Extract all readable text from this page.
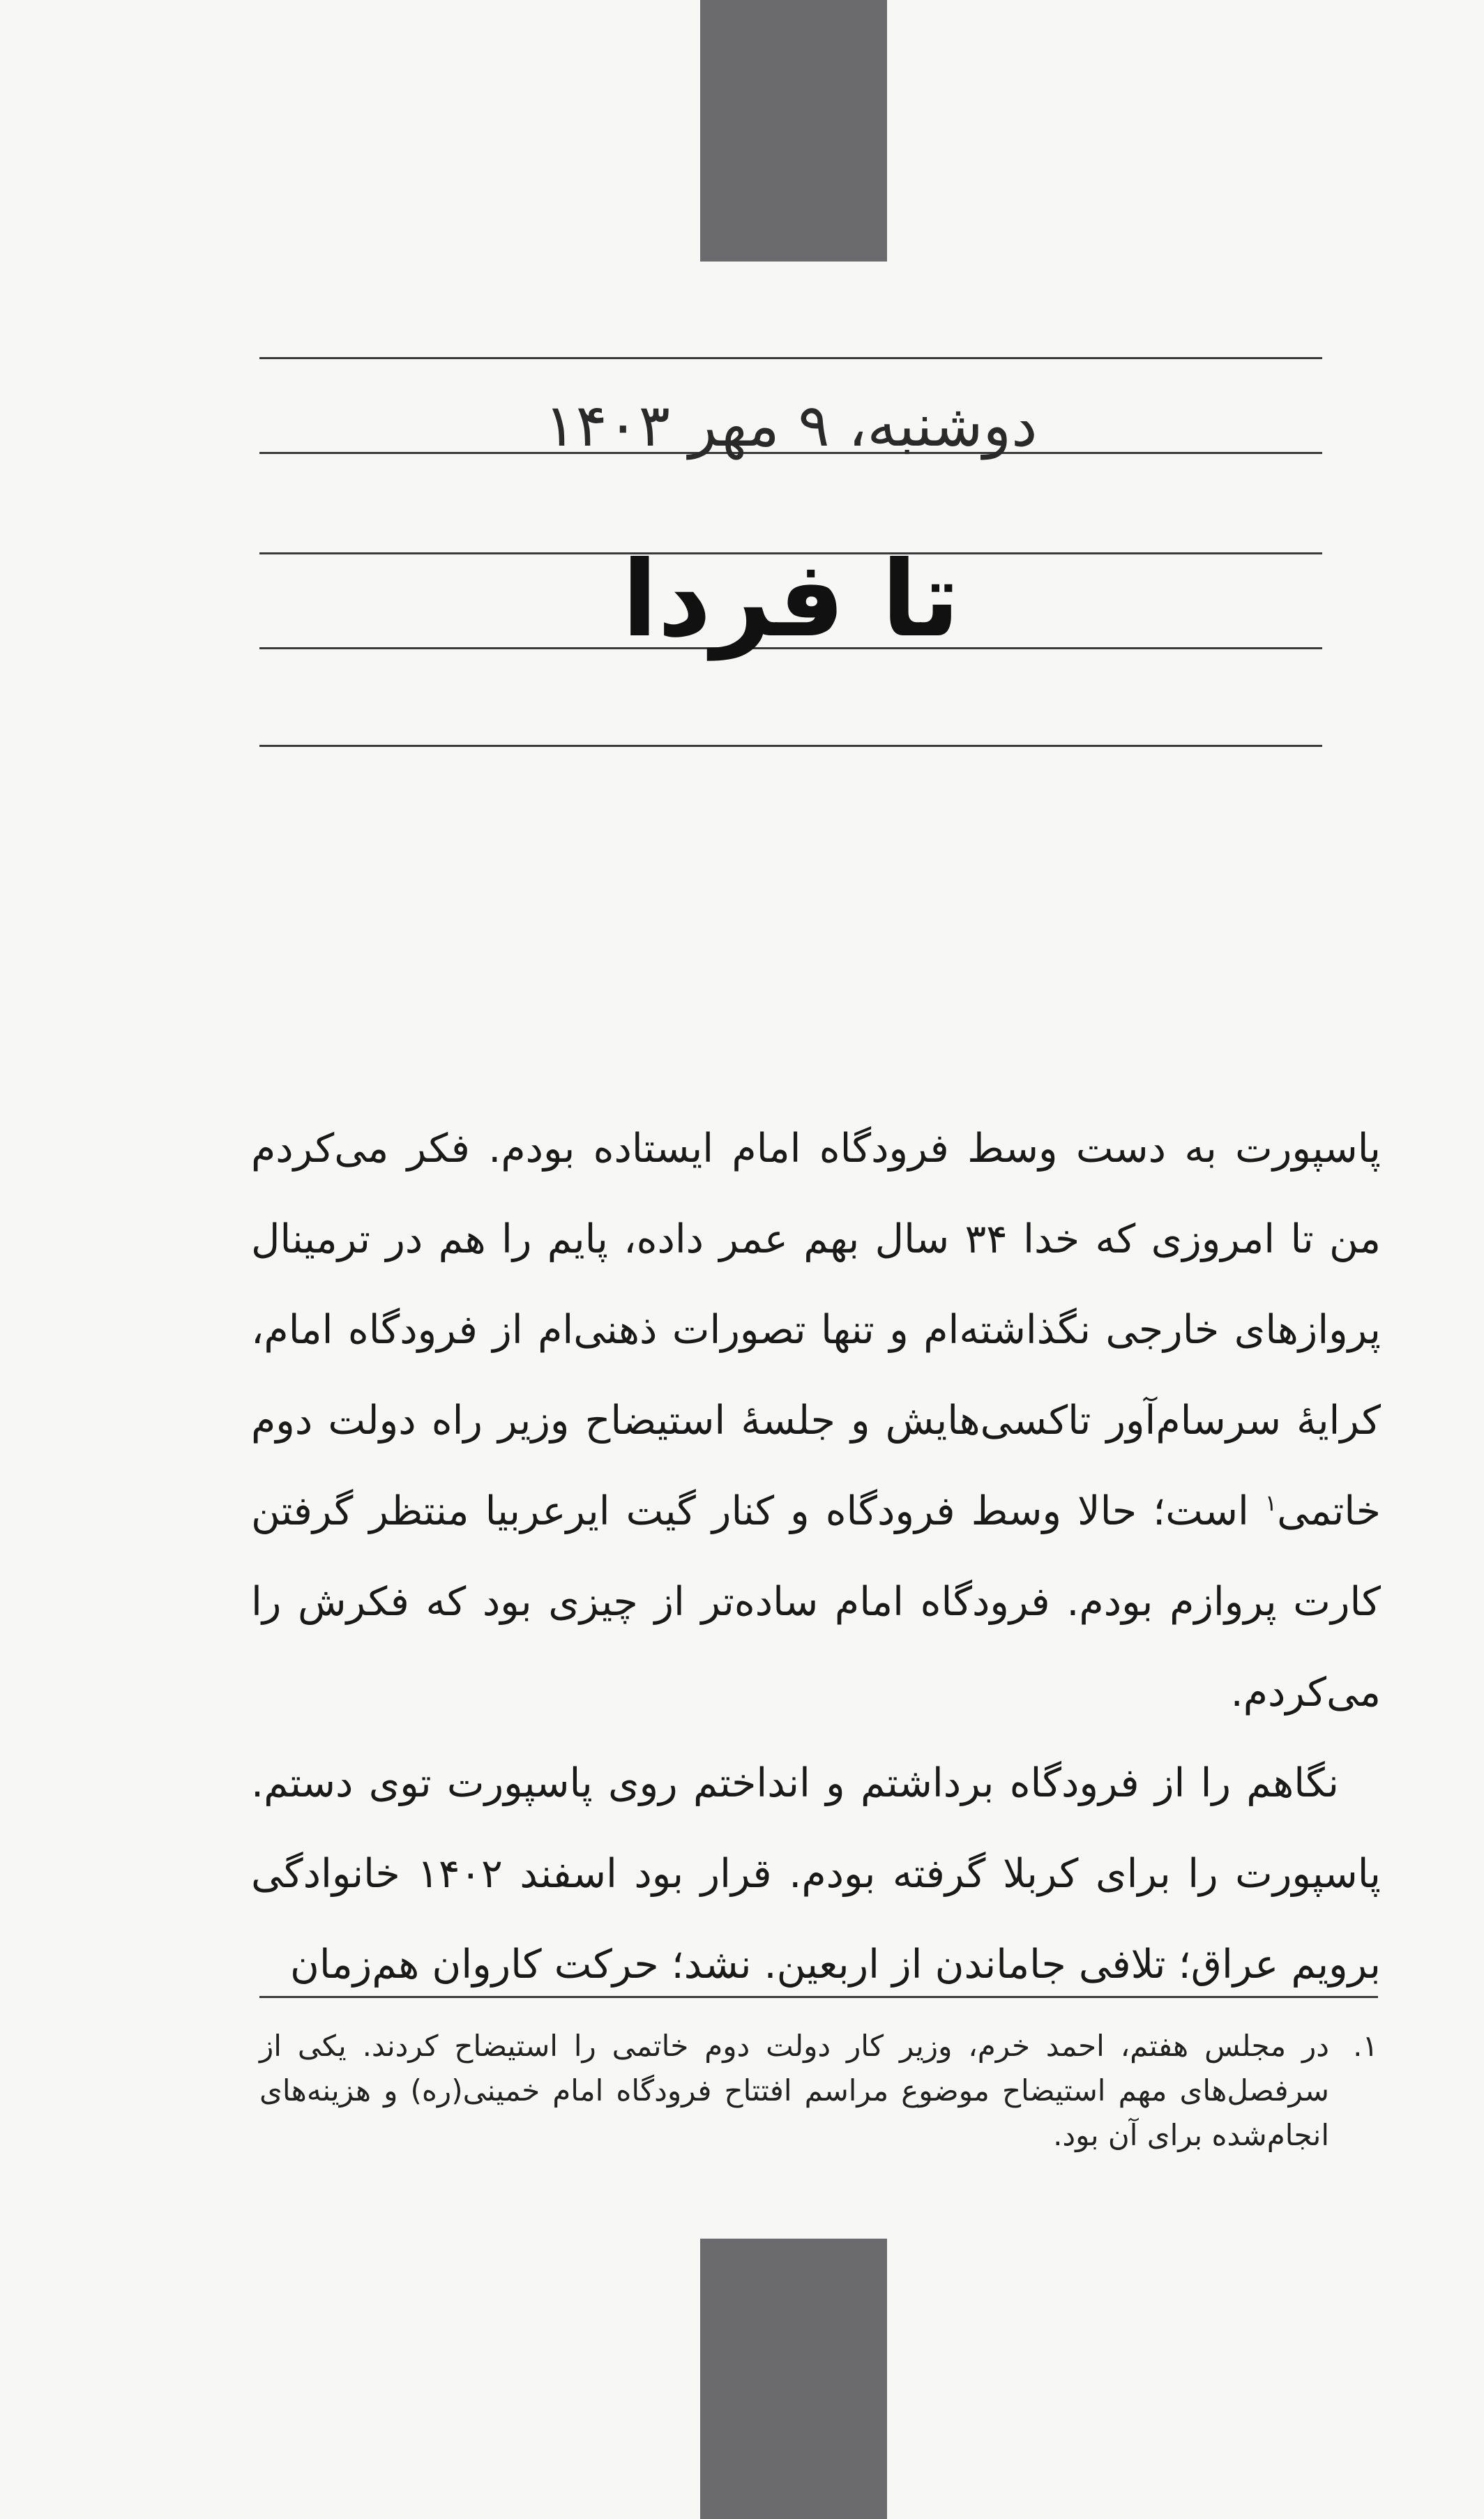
دوشنبه، ۹ مهر ۱۴۰۳
تا فردا

پاسپورت به دست وسط فرودگاه امام ایستاده بودم. فکر می‌کردم من تا امروزی که خدا ۳۴ سال بهم عمر داده، پایم را هم در ترمینال پروازهای خارجی نگذاشته‌ام و تنها تصورات ذهنی‌ام از فرودگاه امام، کرایهٔ سرسام‌آور تاکسی‌هایش و جلسهٔ استیضاح وزیر راه دولت دوم خاتمی$^۱$ است؛ حالا وسط فرودگاه و کنار گیت ایرعربیا منتظر گرفتن کارت پروازم بودم. فرودگاه امام ساده‌تر از چیزی بود که فکرش را می‌کردم.

نگاهم را از فرودگاه برداشتم و انداختم روی پاسپورت توی دستم. پاسپورت را برای کربلا گرفته بودم. قرار بود اسفند ۱۴۰۲ خانوادگی برویم عراق؛ تلافی جاماندن از اربعین. نشد؛ حرکت کاروان هم‌زمان

۱.
در مجلس هفتم، احمد خرم، وزیر کار دولت دوم خاتمی را استیضاح کردند. یکی از سرفصل‌های مهم استیضاح موضوع مراسم افتتاح فرودگاه امام خمینی(ره) و هزینه‌های انجام‌شده برای آن بود.
